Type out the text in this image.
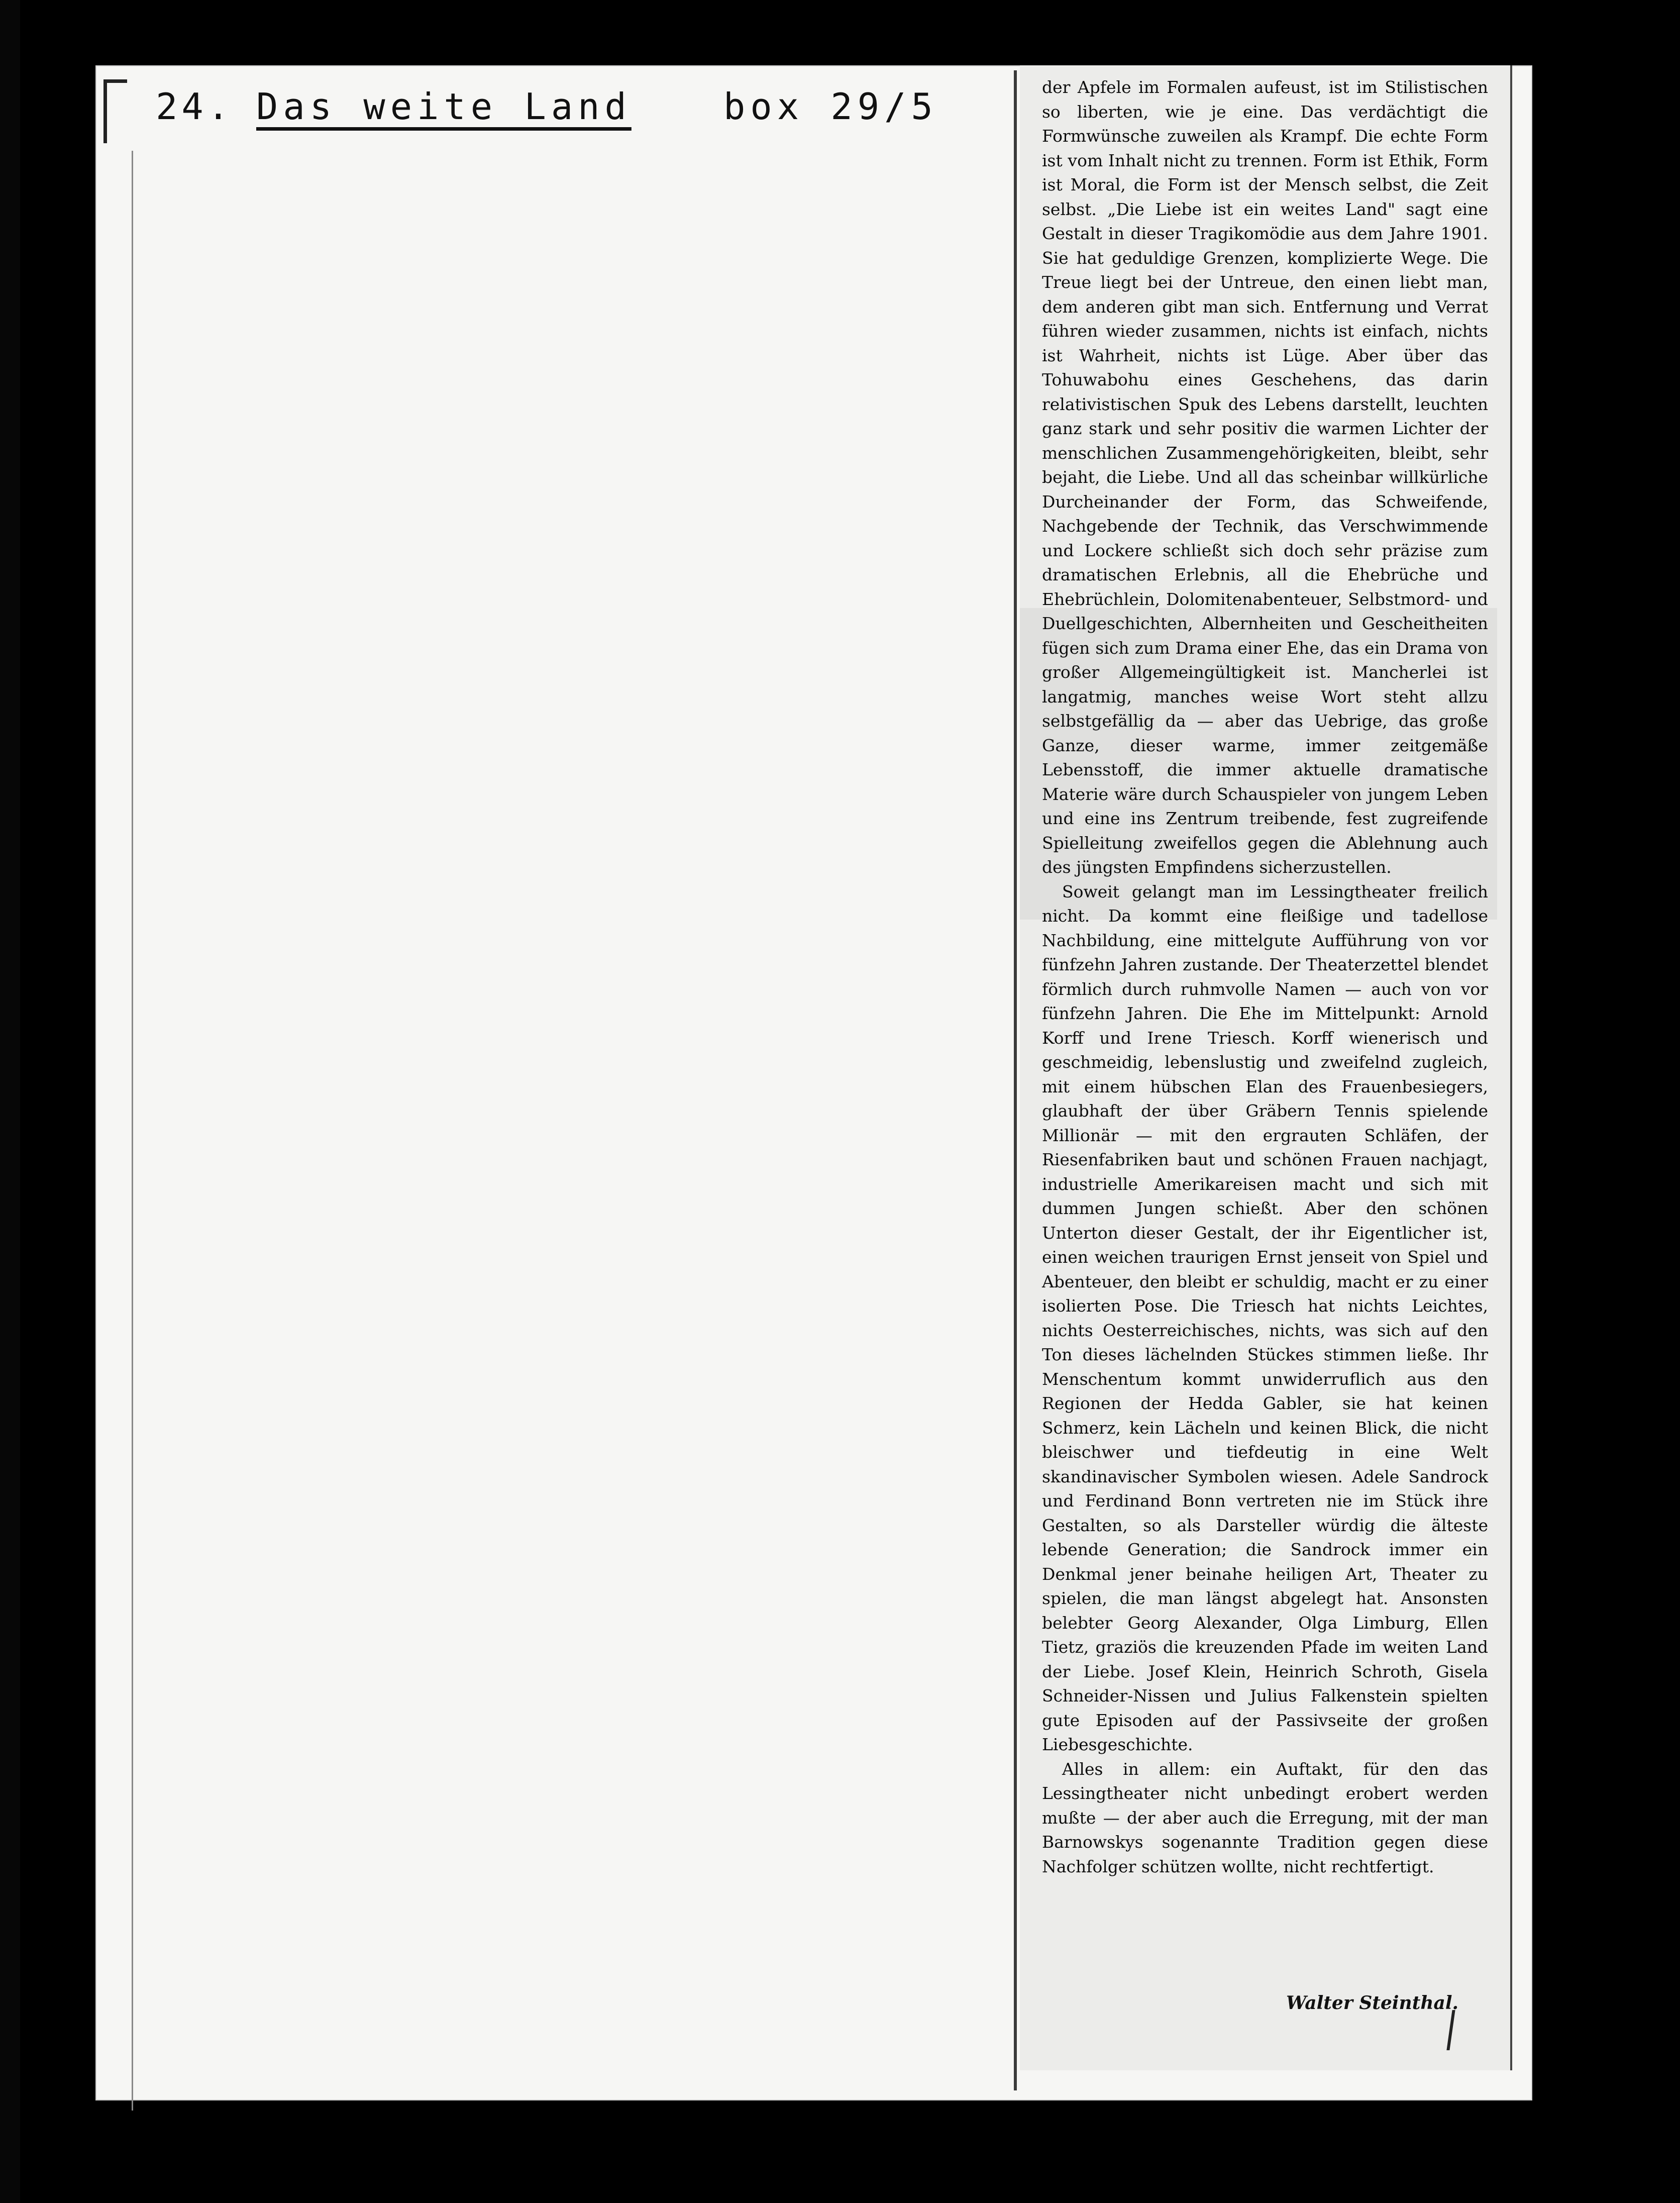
24. Das weite Land	box 29/5	der Apfele im Formalen aufeust, ist im Stilistischen so liberten, wie je eine. Das verdächtigt die Formwünsche zuweilen als Krampf. Die echte Form ist vom Inhalt nicht zu trennen. Form ist Ethik, Form ist Moral, die Form ist der Mensch selbst, die Zeit selbst. „Die Liebe ist ein weites Land" sagt eine Gestalt in dieser Tragikomödie aus dem Jahre 1901. Sie hat geduldige Grenzen, komplizierte Wege. Die Treue liegt bei der Untreue, den einen liebt man, dem anderen gibt man sich. Entfernung und Verrat führen wieder zusammen, nichts ist einfach, nichts ist Wahrheit, nichts ist Lüge. Aber über das Tohuwabohu eines Geschehens, das darin relativistischen Spuk des Lebens darstellt, leuchten ganz stark und sehr positiv die warmen Lichter der menschlichen Zusammengehörigkeiten, bleibt, sehr bejaht, die Liebe. Und all das scheinbar willkürliche Durcheinander der Form, das Schweifende, Nachgebende der Technik, das Verschwimmende und Lockere schließt sich doch sehr präzise zum dramatischen Erlebnis, all die Ehebrüche und Ehebrüchlein, Dolomitenabenteuer, Selbstmord- und Duellgeschichten, Albernheiten und Gescheitheiten fügen sich zum Drama einer Ehe, das ein Drama von großer Allgemeingültigkeit ist. Mancherlei ist langatmig, manches weise Wort steht allzu selbstgefällig da — aber das Uebrige, das große Ganze, dieser warme, immer zeitgemäße Lebensstoff, die immer aktuelle dramatische Materie wäre durch Schauspieler von jungem Leben und eine ins Zentrum treibende, fest zugreifende Spielleitung zweifellos gegen die Ablehnung auch des jüngsten Empfindens sicherzustellen.

Soweit gelangt man im Lessingtheater freilich nicht. Da kommt eine fleißige und tadellose Nachbildung, eine mittelgute Aufführung von vor fünfzehn Jahren zustande. Der Theaterzettel blendet förmlich durch ruhmvolle Namen — auch von vor fünfzehn Jahren. Die Ehe im Mittelpunkt: Arnold Korff und Irene Triesch. Korff wienerisch und geschmeidig, lebenslustig und zweifelnd zugleich, mit einem hübschen Elan des Frauenbesiegers, glaubhaft der über Gräbern Tennis spielende Millionär — mit den ergrauten Schläfen, der Riesenfabriken baut und schönen Frauen nachjagt, industrielle Amerikareisen macht und sich mit dummen Jungen schießt. Aber den schönen Unterton dieser Gestalt, der ihr Eigentlicher ist, einen weichen traurigen Ernst jenseit von Spiel und Abenteuer, den bleibt er schuldig, macht er zu einer isolierten Pose. Die Triesch hat nichts Leichtes, nichts Oesterreichisches, nichts, was sich auf den Ton dieses lächelnden Stückes stimmen ließe. Ihr Menschentum kommt unwiderruflich aus den Regionen der Hedda Gabler, sie hat keinen Schmerz, kein Lächeln und keinen Blick, die nicht bleischwer und tiefdeutig in eine Welt skandinavischer Symbolen wiesen. Adele Sandrock und Ferdinand Bonn vertreten nie im Stück ihre Gestalten, so als Darsteller würdig die älteste lebende Generation; die Sandrock immer ein Denkmal jener beinahe heiligen Art, Theater zu spielen, die man längst abgelegt hat. Ansonsten belebter Georg Alexander, Olga Limburg, Ellen Tietz, graziös die kreuzenden Pfade im weiten Land der Liebe. Josef Klein, Heinrich Schroth, Gisela Schneider-Nissen und Julius Falkenstein spielten gute Episoden auf der Passivseite der großen Liebesgeschichte.

Alles in allem: ein Auftakt, für den das Lessingtheater nicht unbedingt erobert werden mußte — der aber auch die Erregung, mit der man Barnowskys sogenannte Tradition gegen diese Nachfolger schützen wollte, nicht rechtfertigt.

Walter Steinthal.
